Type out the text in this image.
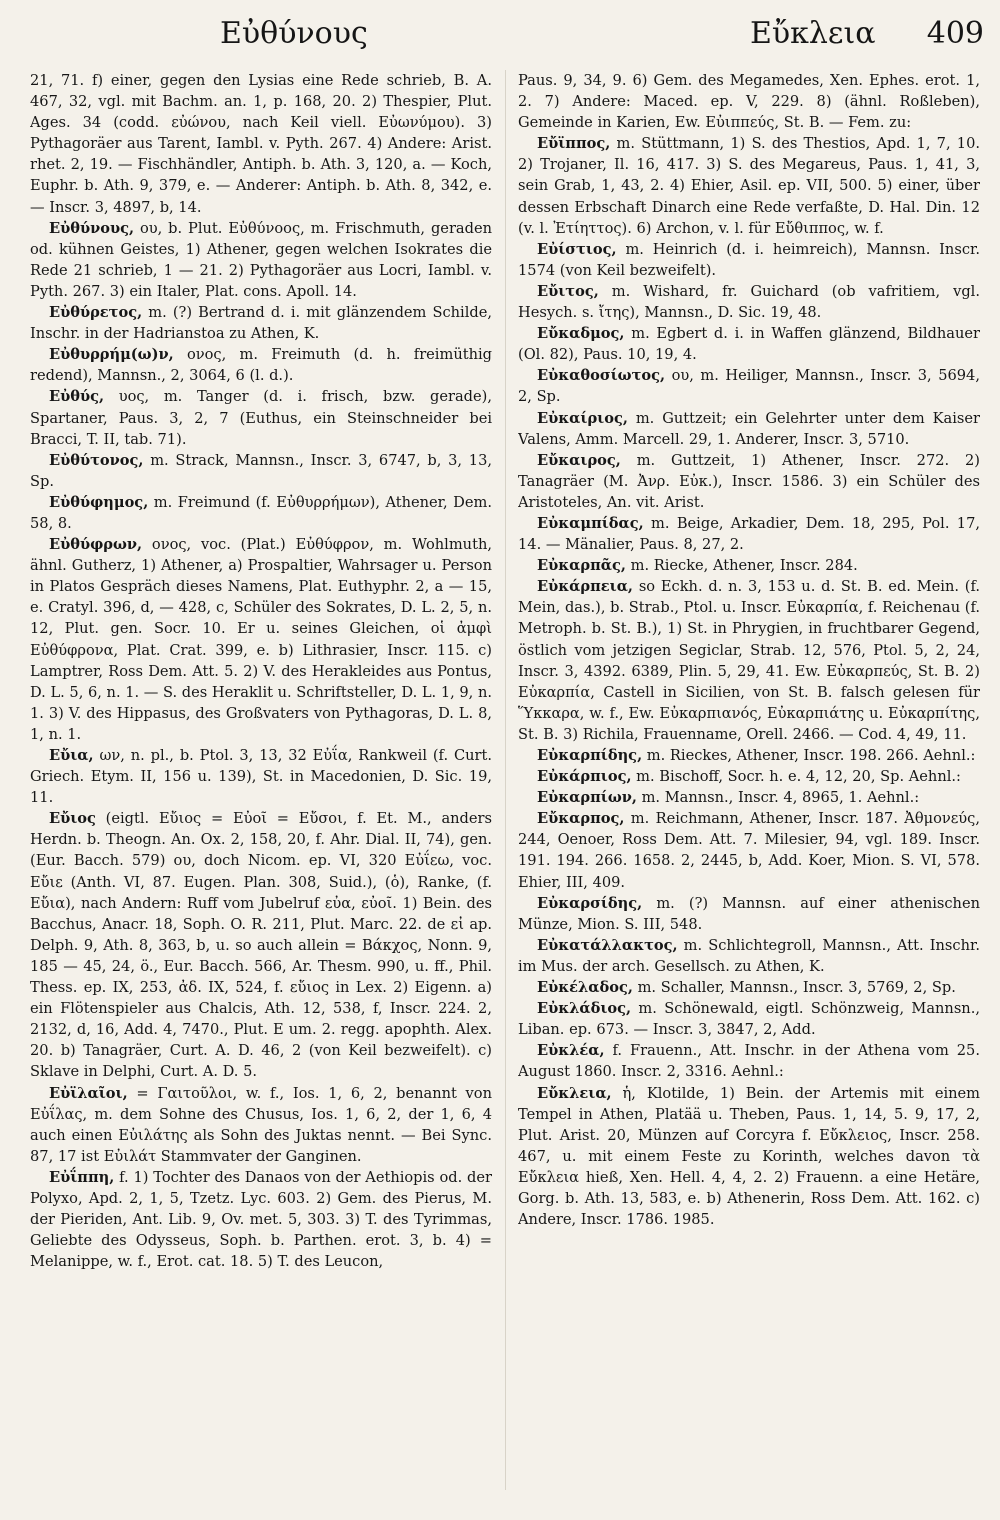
Εὐθύνους	Εὔκλεια 409

21, 71. f) einer, gegen den Lysias eine Rede schrieb, B. A. 467, 32, vgl. mit Bachm. an. 1, p. 168, 20. 2) Thespier, Plut. Ages. 34 (codd. εὐώνου, nach Keil viell. Εὐωνύμου). 3) Pythagoräer aus Tarent, Iambl. v. Pyth. 267. 4) Andere: Arist. rhet. 2, 19. — Fischhändler, Antiph. b. Ath. 3, 120, a. — Koch, Euphr. b. Ath. 9, 379, e. — Anderer: Antiph. b. Ath. 8, 342, e. — Inscr. 3, 4897, b, 14.

Εὐθύνους, ου, b. Plut. Εὐθύνοος, m. Frischmuth, geraden od. kühnen Geistes, 1) Athener, gegen welchen Isokrates die Rede 21 schrieb, 1 — 21. 2) Pythagoräer aus Locri, Iambl. v. Pyth. 267. 3) ein Italer, Plat. cons. Apoll. 14.

Εὐθύρετος, m. (?) Bertrand d. i. mit glänzendem Schilde, Inschr. in der Hadrianstoa zu Athen, K.

Εὐθυρρήμ(ω)ν, ονος, m. Freimuth (d. h. freimüthig redend), Mannsn., 2, 3064, 6 (l. d.).

Εὐθύς, υος, m. Tanger (d. i. frisch, bzw. gerade), Spartaner, Paus. 3, 2, 7 (Euthus, ein Steinschneider bei Bracci, T. II, tab. 71).

Εὐθύτονος, m. Strack, Mannsn., Inscr. 3, 6747, b, 3, 13, Sp.

Εὐθύφημος, m. Freimund (f. Εὐθυρρήμων), Athener, Dem. 58, 8.

Εὐθύφρων, ονος, voc. (Plat.) Εὐθύφρον, m. Wohlmuth, ähnl. Gutherz, 1) Athener, a) Prospaltier, Wahrsager u. Person in Platos Gespräch dieses Namens, Plat. Euthyphr. 2, a — 15, e. Cratyl. 396, d, — 428, c, Schüler des Sokrates, D. L. 2, 5, n. 12, Plut. gen. Socr. 10. Er u. seines Gleichen, οἱ ἀμφὶ Εὐθύφρονα, Plat. Crat. 399, e. b) Lithrasier, Inscr. 115. c) Lamptrer, Ross Dem. Att. 5. 2) V. des Herakleides aus Pontus, D. L. 5, 6, n. 1. — S. des Heraklit u. Schriftsteller, D. L. 1, 9, n. 1. 3) V. des Hippasus, des Großvaters von Pythagoras, D. L. 8, 1, n. 1.

Εὔια, ων, n. pl., b. Ptol. 3, 13, 32 Εὐΐα, Rankweil (f. Curt. Griech. Etym. II, 156 u. 139), St. in Macedonien, D. Sic. 19, 11.

Εὔιος (eigtl. Εὔιος = Εὐοῖ = Εὔσοι, f. Et. M., anders Herdn. b. Theogn. An. Ox. 2, 158, 20, f. Ahr. Dial. II, 74), gen. (Eur. Bacch. 579) ου, doch Nicom. ep. VI, 320 Εὐΐεω, voc. Εὔιε (Anth. VI, 87. Eugen. Plan. 308, Suid.), (ὁ), Ranke, (f. Εὔια), nach Andern: Ruff vom Jubelruf εὐα, εὐοῖ. 1) Bein. des Bacchus, Anacr. 18, Soph. O. R. 211, Plut. Marc. 22. de εἰ ap. Delph. 9, Ath. 8, 363, b, u. so auch allein = Βάκχος, Nonn. 9, 185 — 45, 24, ö., Eur. Bacch. 566, Ar. Thesm. 990, u. ff., Phil. Thess. ep. IX, 253, ἀδ. IX, 524, f. εὔιος in Lex. 2) Eigenn. a) ein Flötenspieler aus Chalcis, Ath. 12, 538, f, Inscr. 224. 2, 2132, d, 16, Add. 4, 7470., Plut. E um. 2. regg. apophth. Alex. 20. b) Tanagräer, Curt. A. D. 46, 2 (von Keil bezweifelt). c) Sklave in Delphi, Curt. A. D. 5.

Εὐϊλαῖοι, = Γαιτοῦλοι, w. f., Ios. 1, 6, 2, benannt von Εὐΐλας, m. dem Sohne des Chusus, Ios. 1, 6, 2, der 1, 6, 4 auch einen Εὐιλάτης als Sohn des Juktas nennt. — Bei Sync. 87, 17 ist Εὐιλάτ Stammvater der Ganginen.

Εὐΐππη, f. 1) Tochter des Danaos von der Aethiopis od. der Polyxo, Apd. 2, 1, 5, Tzetz. Lyc. 603. 2) Gem. des Pierus, M. der Pieriden, Ant. Lib. 9, Ov. met. 5, 303. 3) T. des Tyrimmas, Geliebte des Odysseus, Soph. b. Parthen. erot. 3, b. 4) = Melanippe, w. f., Erot. cat. 18. 5) T. des Leucon,

Paus. 9, 34, 9. 6) Gem. des Megamedes, Xen. Ephes. erot. 1, 2. 7) Andere: Maced. ep. V, 229. 8) (ähnl. Roßleben), Gemeinde in Karien, Ew. Εὐιππεύς, St. B. — Fem. zu:

Εὔϊππος, m. Stüttmann, 1) S. des Thestios, Apd. 1, 7, 10. 2) Trojaner, Il. 16, 417. 3) S. des Megareus, Paus. 1, 41, 3, sein Grab, 1, 43, 2. 4) Ehier, Asil. ep. VII, 500. 5) einer, über dessen Erbschaft Dinarch eine Rede verfaßte, D. Hal. Din. 12 (v. l. Ἐτίηττος). 6) Archon, v. l. für Εὔθιππος, w. f.

Εὐίστιος, m. Heinrich (d. i. heimreich), Mannsn. Inscr. 1574 (von Keil bezweifelt).

Εὔιτος, m. Wishard, fr. Guichard (ob vafritiem, vgl. Hesych. s. ἴτης), Mannsn., D. Sic. 19, 48.

Εὔκαδμος, m. Egbert d. i. in Waffen glänzend, Bildhauer (Ol. 82), Paus. 10, 19, 4.

Εὐκαθοσίωτος, ου, m. Heiliger, Mannsn., Inscr. 3, 5694, 2, Sp.

Εὐκαίριος, m. Guttzeit; ein Gelehrter unter dem Kaiser Valens, Amm. Marcell. 29, 1. Anderer, Inscr. 3, 5710.

Εὔκαιρος, m. Guttzeit, 1) Athener, Inscr. 272. 2) Tanagräer (M. Ἀνρ. Εὐκ.), Inscr. 1586. 3) ein Schüler des Aristoteles, An. vit. Arist.

Εὐκαμπίδας, m. Beige, Arkadier, Dem. 18, 295, Pol. 17, 14. — Mänalier, Paus. 8, 27, 2.

Εὐκαρπᾶς, m. Riecke, Athener, Inscr. 284.

Εὐκάρπεια, so Eckh. d. n. 3, 153 u. d. St. B. ed. Mein. (f. Mein, das.), b. Strab., Ptol. u. Inscr. Εὐκαρπία, f. Reichenau (f. Metroph. b. St. B.), 1) St. in Phrygien, in fruchtbarer Gegend, östlich vom jetzigen Segiclar, Strab. 12, 576, Ptol. 5, 2, 24, Inscr. 3, 4392. 6389, Plin. 5, 29, 41. Ew. Εὐκαρπεύς, St. B. 2) Εὐκαρπία, Castell in Sicilien, von St. B. falsch gelesen für Ὕκκαρα, w. f., Ew. Εὐκαρπιανός, Εὐκαρπιάτης u. Εὐκαρπίτης, St. B. 3) Richila, Frauenname, Orell. 2466. — Cod. 4, 49, 11.

Εὐκαρπίδης, m. Rieckes, Athener, Inscr. 198. 266. Aehnl.:

Εὐκάρπιος, m. Bischoff, Socr. h. e. 4, 12, 20, Sp. Aehnl.:

Εὐκαρπίων, m. Mannsn., Inscr. 4, 8965, 1. Aehnl.:

Εὔκαρπος, m. Reichmann, Athener, Inscr. 187. Ἀθμονεύς, 244, Oenoer, Ross Dem. Att. 7. Milesier, 94, vgl. 189. Inscr. 191. 194. 266. 1658. 2, 2445, b, Add. Koer, Mion. S. VI, 578. Ehier, III, 409.

Εὐκαρσίδης, m. (?) Mannsn. auf einer athenischen Münze, Mion. S. III, 548.

Εὐκατάλλακτος, m. Schlichtegroll, Mannsn., Att. Inschr. im Mus. der arch. Gesellsch. zu Athen, K.

Εὐκέλαδος, m. Schaller, Mannsn., Inscr. 3, 5769, 2, Sp.

Εὐκλάδιος, m. Schönewald, eigtl. Schönzweig, Mannsn., Liban. ep. 673. — Inscr. 3, 3847, 2, Add.

Εὐκλέα, f. Frauenn., Att. Inschr. in der Athena vom 25. August 1860. Inscr. 2, 3316. Aehnl.:

Εὔκλεια, ἡ, Klotilde, 1) Bein. der Artemis mit einem Tempel in Athen, Platää u. Theben, Paus. 1, 14, 5. 9, 17, 2, Plut. Arist. 20, Münzen auf Corcyra f. Εὔκλειος, Inscr. 258. 467, u. mit einem Feste zu Korinth, welches davon τὰ Εὔκλεια hieß, Xen. Hell. 4, 4, 2. 2) Frauenn. a eine Hetäre, Gorg. b. Ath. 13, 583, e. b) Athenerin, Ross Dem. Att. 162. c) Andere, Inscr. 1786. 1985.
